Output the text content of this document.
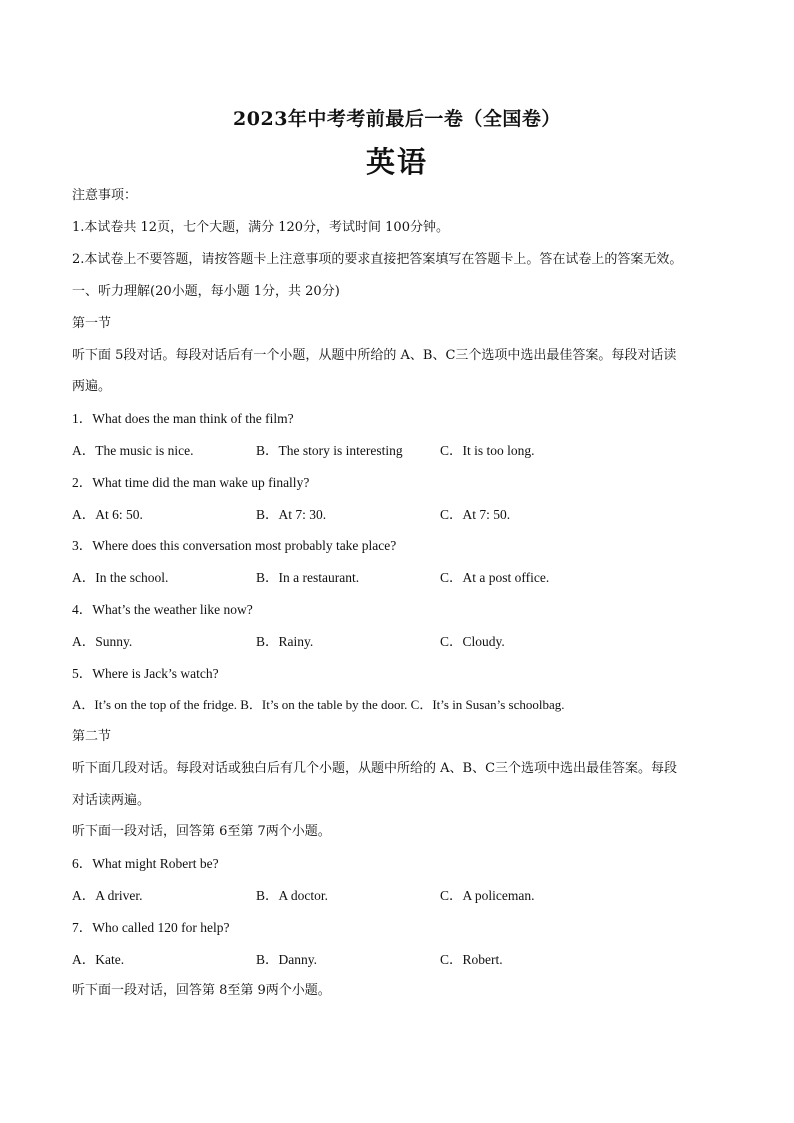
2023年中考考前最后一卷（全国卷）
英语
注意事项：
1.本试卷共 12页，七个大题，满分 120分，考试时间 100分钟。
2.本试卷上不要答题，请按答题卡上注意事项的要求直接把答案填写在答题卡上。答在试卷上的答案无效。
一、听力理解(20小题，每小题 1分，共 20分)
第一节
听下面 5段对话。每段对话后有一个小题，从题中所给的 A、B、C三个选项中选出最佳答案。每段对话读
两遍。
1．What does the man think of the film?
A．The music is nice.	B．The story is interesting	C．It is too long.
2．What time did the man wake up finally?
A．At 6: 50.	B．At 7: 30.	C．At 7: 50.
3．Where does this conversation most probably take place?
A．In the school.	B．In a restaurant.	C．At a post office.
4．What’s the weather like now?
A．Sunny.	B．Rainy.	C．Cloudy.
5．Where is Jack’s watch?
A．It’s on the top of the fridge. B．It’s on the table by the door. C．It’s in Susan’s schoolbag.
第二节
听下面几段对话。每段对话或独白后有几个小题，从题中所给的 A、B、C三个选项中选出最佳答案。每段
对话读两遍。
听下面一段对话，回答第 6至第 7两个小题。
6．What might Robert be?
A．A driver.	B．A doctor.	C．A policeman.
7．Who called 120 for help?
A．Kate.	B．Danny.	C．Robert.
听下面一段对话，回答第 8至第 9两个小题。
